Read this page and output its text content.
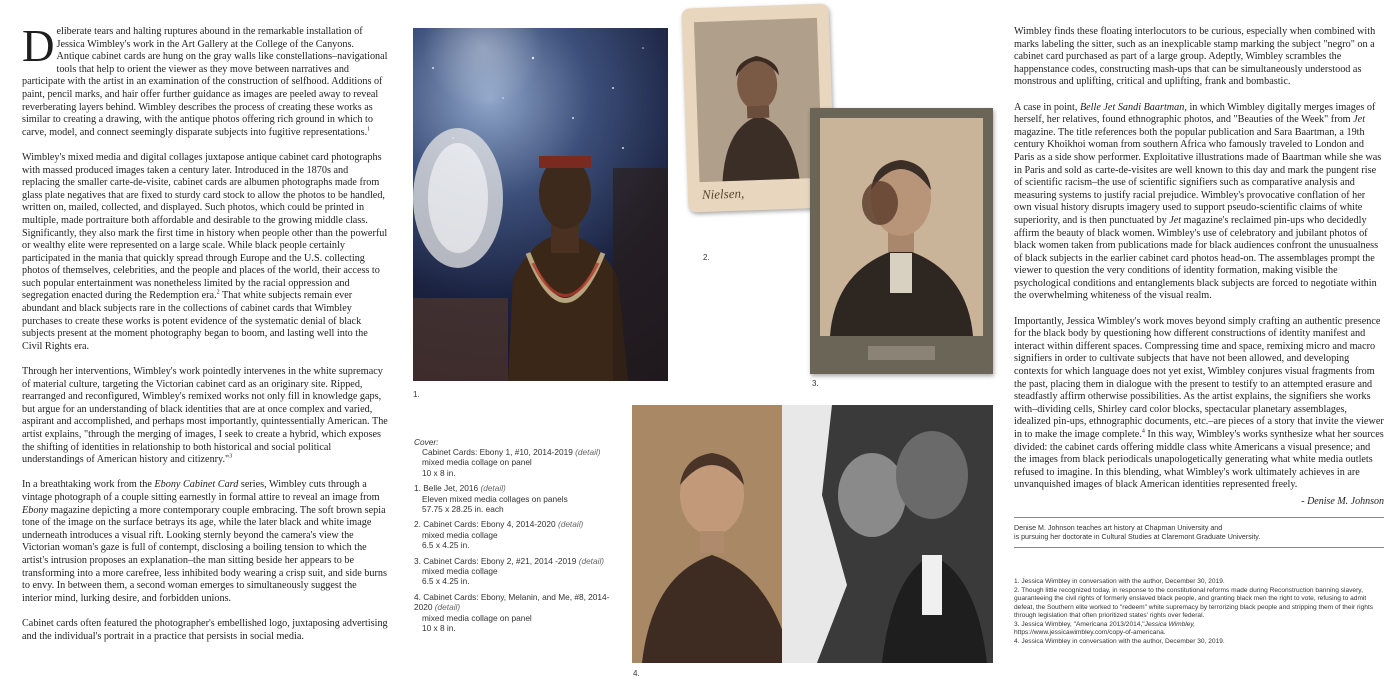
Deliberate tears and halting ruptures abound in the remarkable installation of Jessica Wimbley's work in the Art Gallery at the College of the Canyons. Antique cabinet cards are hung on the gray walls like constellations–navigational tools that help to orient the viewer as they move between narratives and participate with the artist in an examination of the construction of selfhood. Additions of paint, pencil marks, and hair offer further guidance as images are peeled away to reveal reverberating layers behind. Wimbley describes the process of creating these works as similar to creating a drawing, with the antique photos offering rich ground in which to carve, model, and connect seemingly disparate subjects into fugitive representations.$^1$

Wimbley's mixed media and digital collages juxtapose antique cabinet card photographs with massed produced images taken a century later. Introduced in the 1870s and replacing the smaller carte-de-visite, cabinet cards are albumen photographs made from glass plate negatives that are fixed to sturdy card stock to allow the photos to be handled, written on, mailed, collected, and displayed. Such photos, which could be printed in multiple, made portraiture both affordable and desirable to the growing middle class. Significantly, they also mark the first time in history when people other than the powerful or wealthy elite were represented on a large scale. While black people certainly participated in the mania that quickly spread through Europe and the U.S. collecting photos of themselves, celebrities, and the people and places of the world, their access to such popular entertainment was nonetheless limited by the racial oppression and segregation enacted during the Redemption era.$^2$ That white subjects remain ever abundant and black subjects rare in the collections of cabinet cards that Wimbley purchases to create these works is potent evidence of the systematic denial of black subjects present at the moment photography began to boom, and lasting well into the Civil Rights era.

Through her interventions, Wimbley's work pointedly intervenes in the white supremacy of material culture, targeting the Victorian cabinet card as an originary site. Ripped, rearranged and reconfigured, Wimbley's remixed works not only fill in knowledge gaps, but argue for an understanding of black identities that are at once complex and varied, aspirant and accomplished, and perhaps most importantly, quintessentially American. The artist explains, "through the merging of images, I seek to create a hybrid, which exposes the shifting of identities in relationship to both historical and social political understandings of American history and citizenry."$^3$

In a breathtaking work from the Ebony Cabinet Card series, Wimbley cuts through a vintage photograph of a couple sitting earnestly in formal attire to reveal an image from Ebony magazine depicting a more contemporary couple embracing. The soft brown sepia tone of the image on the surface betrays its age, while the later black and white image underneath introduces a visual rift. Looking sternly beyond the camera's view the Victorian woman's gaze is full of contempt, disclosing a boiling tension to which the artist's intrusion proposes an explanation–the man sitting beside her appears to be transforming into a more carefree, less inhibited body wearing a crisp suit, and side burns to envy. In between them, a second woman emerges to simultaneously suggest the interior mind, lurking desire, and forbidden unions.

Cabinet cards often featured the photographer's embellished logo, juxtaposing advertising and the individual's portrait in a practice that persists in social media.

1.
Nielsen,
2.
3.
4.

Cover:

Cabinet Cards: Ebony 1, #10, 2014-2019 (detail)
mixed media collage on panel
10 x 8 in.
1. Belle Jet, 2016 (detail)
Eleven mixed media collages on panels
57.75 x 28.25 in. each
2. Cabinet Cards: Ebony 4, 2014-2020 (detail)
mixed media collage
6.5 x 4.25 in.
3. Cabinet Cards: Ebony 2, #21, 2014 -2019 (detail)
mixed media collage
6.5 x 4.25 in.
4. Cabinet Cards: Ebony, Melanin, and Me, #8, 2014-2020 (detail)
mixed media collage on panel
10 x 8 in.

Wimbley finds these floating interlocutors to be curious, especially when combined with marks labeling the sitter, such as an inexplicable stamp marking the subject "negro" on a cabinet card purchased as part of a large group. Adeptly, Wimbley scrambles the happenstance codes, constructing mash-ups that can be simultaneously understood as monstrous and uplifting, critical and uplifting, frank and bombastic.

A case in point, Belle Jet Sandi Baartman, in which Wimbley digitally merges images of herself, her relatives, found ethnographic photos, and "Beauties of the Week" from Jet magazine. The title references both the popular publication and Sara Baartman, a 19th century Khoikhoi woman from southern Africa who famously traveled to London and Paris as a side show performer. Exploitative illustrations made of Baartman while she was in Paris and sold as carte-de-visites are well known to this day and mark the pungent rise of scientific racism–the use of scientific signifiers such as comparative analysis and measuring systems to justify racial prejudice. Wimbley's provocative conflation of her own visual history disrupts imagery used to support pseudo-scientific claims of white superiority, and is then punctuated by Jet magazine's reclaimed pin-ups who decidedly affirm the beauty of black women. Wimbley's use of celebratory and jubilant photos of black women taken from publications made for black audiences confront the unusualness of black subjects in the earlier cabinet card photos head-on. The assemblages prompt the viewer to question the very conditions of identity formation, making visible the psychological conditions and entanglements black subjects are forced to negotiate within the overwhelming whiteness of the visual realm.

Importantly, Jessica Wimbley's work moves beyond simply crafting an authentic presence for the black body by questioning how different constructions of identity manifest and interact within different spaces. Compressing time and space, remixing micro and macro signifiers in order to cultivate subjects that have not been allowed, and developing contexts for which language does not yet exist, Wimbley conjures visual fragments from the past, placing them in dialogue with the present to testify to an attempted erasure and steadfastly affirm otherwise possibilities. As the artist explains, the signifiers she works with–dividing cells, Shirley card color blocks, spectacular planetary assemblages, idealized pin-ups, ethnographic documents, etc.–are pieces of a story that invite the viewer in to make the image complete.$^4$ In this way, Wimbley's works synthesize what her sources divided: the cabinet cards offering middle class white Americans a visual presence; and the images from black periodicals unapologetically generating what white media outlets refused to imagine. In this blending, what Wimbley's work ultimately achieves in are unvanquished images of black American identities represented freely.

- Denise M. Johnson

Denise M. Johnson teaches art history at Chapman University and
is pursuing her doctorate in Cultural Studies at Claremont Graduate University.

1. Jessica Wimbley in conversation with the author, December 30, 2019.

2. Though little recognized today, in response to the constitutional reforms made during Reconstruction banning slavery, guaranteeing the civil rights of formerly enslaved black people, and granting black men the right to vote, refusing to admit defeat, the Southern elite worked to "redeem" white supremacy by terrorizing black people and stripping them of their rights through legislation that often prioritized states' rights over federal.

3. Jessica Wimbley, "Americana 2013/2014,"Jessica Wimbley,
https://www.jessicawimbley.com/copy-of-americana.

4. Jessica Wimbley in conversation with the author, December 30, 2019.
